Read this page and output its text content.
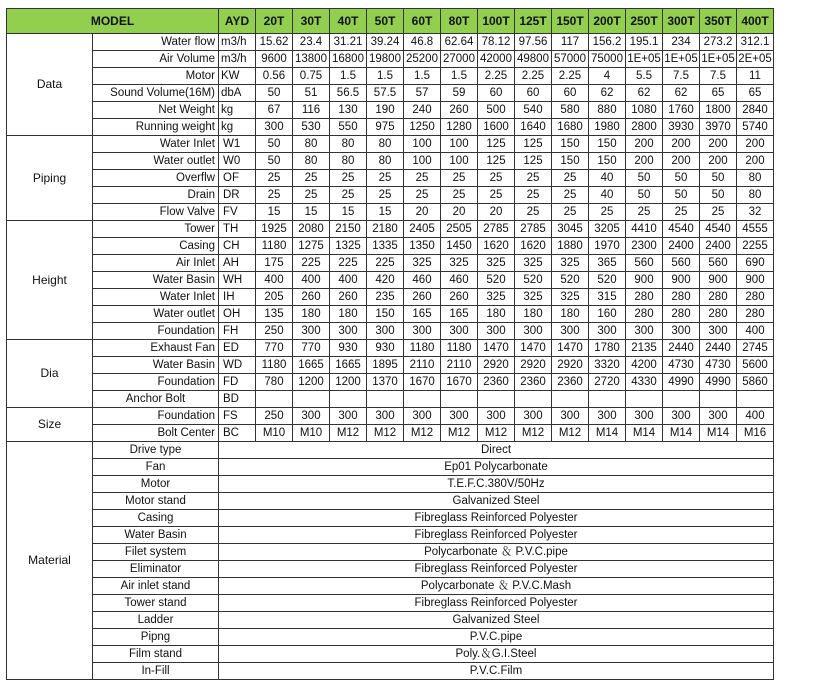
MODEL		AYD	20T	30T	40T	50T	60T	80T	100T	125T	150T	200T	250T	300T	350T	400T
Data	Water flow	m3/h	15.62	23.4	31.21	39.24	46.8	62.64	78.12	97.56	117	156.2	195.1	234	273.2	312.1
	Air Volume	m3/h	9600	13800	16800	19800	25200	27000	42000	49800	57000	75000	1E+05	1E+05	1E+05	2E+05
	Motor	KW	0.56	0.75	1.5	1.5	1.5	1.5	2.25	2.25	2.25	4	5.5	7.5	7.5	11
	Sound Volume(16M)	dbA	50	51	56.5	57.5	57	59	60	60	60	62	62	62	65	65
	Net Weight	kg	67	116	130	190	240	260	500	540	580	880	1080	1760	1800	2840
	Running weight	kg	300	530	550	975	1250	1280	1600	1640	1680	1980	2800	3930	3970	5740
Piping	Water Inlet	W1	50	80	80	80	100	100	125	125	150	150	200	200	200	200
	Water outlet	W0	50	80	80	80	100	100	125	125	150	150	200	200	200	200
	Overflw	OF	25	25	25	25	25	25	25	25	25	40	50	50	50	80
	Drain	DR	25	25	25	25	25	25	25	25	25	40	50	50	50	80
	Flow Valve	FV	15	15	15	15	20	20	20	25	25	25	25	25	25	32
Height	Tower	TH	1925	2080	2150	2180	2405	2505	2785	2785	3045	3205	4410	4540	4540	4555
	Casing	CH	1180	1275	1325	1335	1350	1450	1620	1620	1880	1970	2300	2400	2400	2255
	Air Inlet	AH	175	225	225	225	325	325	325	325	325	365	560	560	560	690
	Water Basin	WH	400	400	400	420	460	460	520	520	520	520	900	900	900	900
	Water Inlet	IH	205	260	260	235	260	260	325	325	325	315	280	280	280	280
	Water outlet	OH	135	180	180	150	165	165	180	180	180	160	280	280	280	280
	Foundation	FH	250	300	300	300	300	300	300	300	300	300	300	300	300	400
Dia	Exhaust Fan	ED	770	770	930	930	1180	1180	1470	1470	1470	1780	2135	2440	2440	2745
	Water Basin	WD	1180	1665	1665	1895	2110	2110	2920	2920	2920	3320	4200	4730	4730	5600
	Foundation	FD	780	1200	1200	1370	1670	1670	2360	2360	2360	2720	4330	4990	4990	5860
	Anchor Bolt	BD														
Size	Foundation	FS	250	300	300	300	300	300	300	300	300	300	300	300	300	400
	Bolt Center	BC	M10	M10	M12	M12	M12	M12	M12	M12	M12	M14	M14	M14	M14	M16
Material	Drive type	Direct														
	Fan	Ep01 Polycarbonate														
	Motor	T.E.F.C.380V/50Hz														
	Motor stand	Galvanized Steel														
	Casing	Fibreglass Reinforced Polyester														
	Water Basin	Fibreglass Reinforced Polyester														
	Filet system	Polycarbonate ＆ P.V.C.pipe														
	Eliminator	Fibreglass Reinforced Polyester														
	Air inlet stand	Polycarbonate ＆ P.V.C.Mash														
	Tower stand	Fibreglass Reinforced Polyester														
	Ladder	Galvanized Steel														
	Pipng	P.V.C.pipe														
	Film stand	Poly.＆G.I.Steel														
	In-Fill	P.V.C.Film														
